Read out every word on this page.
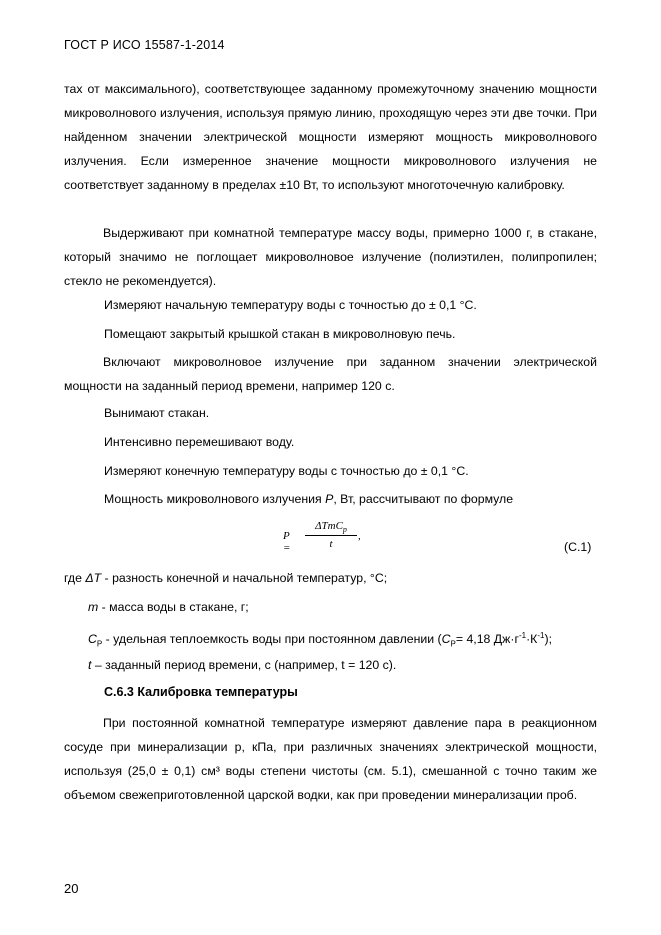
ГОСТ Р ИСО 15587-1-2014

тах от максимального), соответствующее заданному промежуточному значению мощности микроволнового излучения, используя прямую линию, проходящую через эти две точки. При найденном значении электрической мощности измеряют мощность микроволнового излучения. Если измеренное значение мощности микроволнового излучения не соответствует заданному в пределах ±10 Вт, то используют многоточечную калибровку.

Выдерживают при комнатной температуре массу воды, примерно 1000 г, в стакане, который значимо не поглощает микроволновое излучение (полиэтилен, полипропилен; стекло не рекомендуется).

Измеряют начальную температуру воды с точностью до ± 0,1 °С.
Помещают закрытый крышкой стакан в микроволновую печь.

Включают микроволновое излучение при заданном значении электрической мощности на заданный период времени, например 120 с.

Вынимают стакан.
Интенсивно перемешивают воду.
Измеряют конечную температуру воды с точностью до ± 0,1 °С.
Мощность микроволнового излучения P, Вт, рассчитывают по формуле
P =
ΔTmC$_p$
t
,
(С.1)
где ΔT - разность конечной и начальной температур, °С;
m - масса воды в стакане, г;
$C_P$ - удельная теплоемкость воды при постоянном давлении ($C_P= 4,18$ $Дж\cdot г^{-1}\cdot К^{-1}$);
t – заданный период времени, с (например, t = 120 с).
С.6.3 Калибровка температуры

При постоянной комнатной температуре измеряют давление пара в реакционном сосуде при минерализации p, кПа, при различных значениях электрической мощности, используя (25,0 ± 0,1) см³ воды степени чистоты (см. 5.1), смешанной с точно таким же объемом свежеприготовленной царской водки, как при проведении минерализации проб.

20
